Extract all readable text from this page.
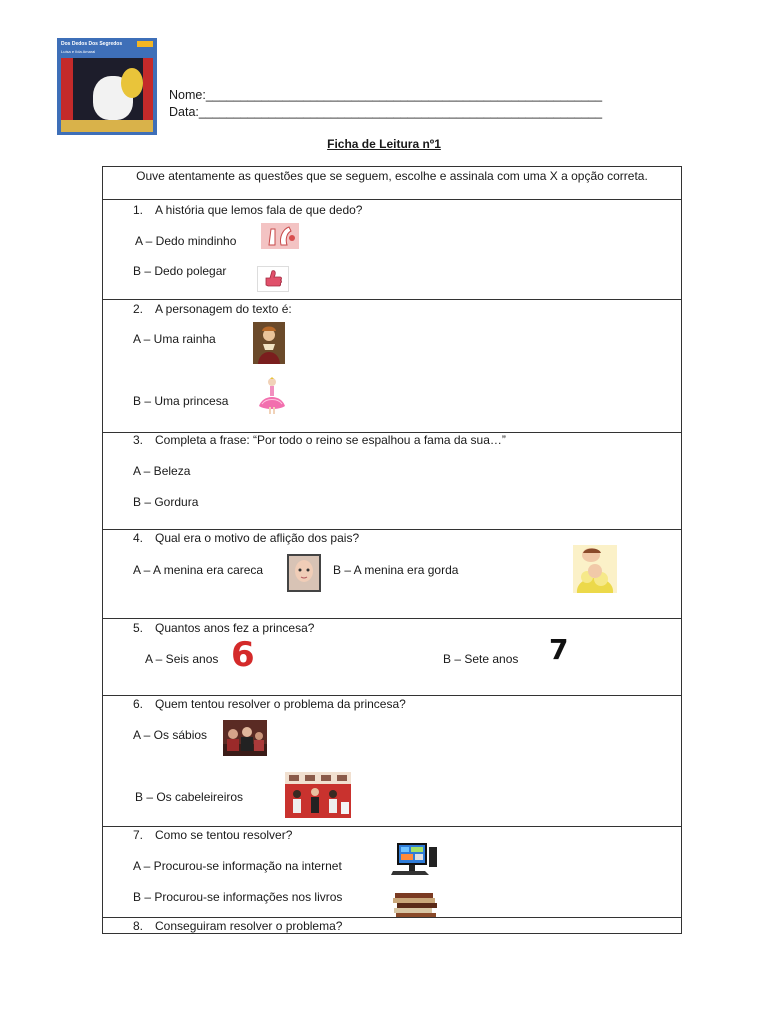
Dos Dedos Dos Segredos
Luísa e Ilda Amaral
Nome:_________________________________________________________
Data:__________________________________________________________
Ficha de Leitura nº1
Ouve atentamente as questões que se seguem, escolhe e assinala com uma X a opção correta.
1. A história que lemos fala de que dedo?
A – Dedo mindinho
B – Dedo polegar
2. A personagem do texto é:
A – Uma rainha
B – Uma princesa
3. Completa a frase: “Por todo o reino se espalhou a fama da sua…”
A – Beleza
B – Gordura
4. Qual era o motivo de aflição dos pais?
A – A menina era careca	B – A menina era gorda
5. Quantos anos fez a princesa?
A – Seis anos 6	B – Sete anos 7
6. Quem tentou resolver o problema da princesa?
A – Os sábios
B – Os cabeleireiros
7. Como se tentou resolver?
A – Procurou-se informação na internet
B – Procurou-se informações nos livros
8. Conseguiram resolver o problema?
